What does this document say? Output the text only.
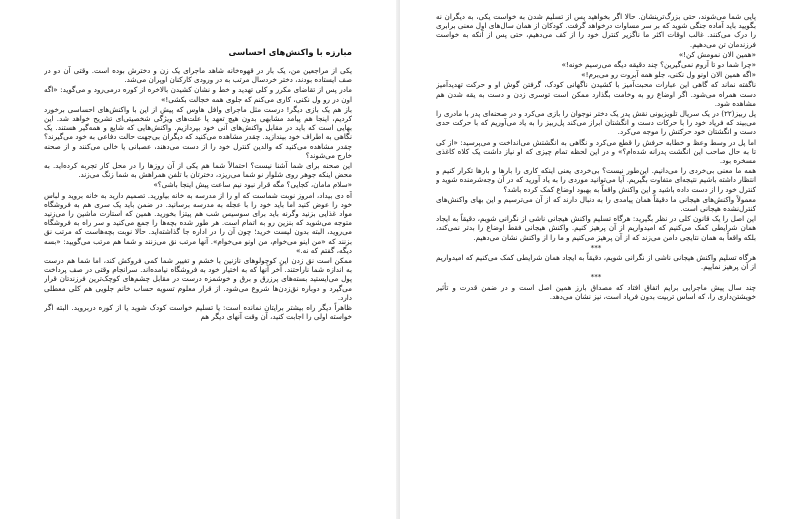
مبارزه با واکنش‌های احساسی

یکی از مراجعین من، یک بار در قهوه‌خانه شاهد ماجرای یک زن و دخترش بوده است. وقتی آن دو در صف ایستاده بودند، دختر خردسال مرتب به در ورودی کارکنان اوپران می‌شد.

مادر پس از تقاضای مکرر و کلی تهدید و خط و نشان کشیدن بالاخره از کوره درمی‌رود و می‌گوید: «اگه اون در رو ول نکنی، کاری می‌کنم که جلوی همه خجالت بکشی!»

باز هم یک بازی دیگر! درست مثل ماجرای وافل هاوس که پیش از این با واکنش‌های احساسی برخورد کردیم، اینجا هم پیامد مشابهی بدون هیچ تعهد یا علت‌های ویژگی شخصیتی‌ای تشریح خواهد شد. این بهایی است که باید در مقابل واکنش‌های آنی خود بپردازیم. واکنش‌هایی که شایع و همه‌گیر هستند. یک نگاهی به اطراف خود بیندازید. چقدر مشاهده می‌کنید که دیگران بی‌جهت حالت دفاعی به خود می‌گیرند؟ چقدر مشاهده می‌کنید که والدین کنترل خود را از دست می‌دهند، عصبانی یا خالی می‌کنند و از صحنه خارج می‌شوند؟

این صحنه برای شما آشنا نیست؟ احتمالاً شما هم یکی از آن روزها را در محل کار تجربه کرده‌اید. به محض اینکه جوهر روی شلوار نو شما می‌ریزد، دخترتان با تلفن همراهش به شما زنگ می‌زند.

«سلام مامان، کجایی؟ مگه قرار نبود نیم ساعت پیش اینجا باشی؟»

آه دی بیداد، امروز نوبت شماست که او را از مدرسه به خانه بیاورید. تصمیم دارید به خانه بروید و لباس خود را عوض کنید اما باید خود را با عجله به مدرسه برسانید. در ضمن باید یک سری هم به فروشگاه مواد غذایی بزنید وگرنه باید برای سوسیس شب هم پیتزا بخورید. همین که استارت ماشین را می‌زنید متوجه می‌شوید که بنزین رو به اتمام است. هر طور شده بچه‌ها را جمع می‌کنید و سر راه به فروشگاه می‌روید، البته بدون لیست خرید؛ چون آن را در اداره جا گذاشته‌اید. حالا نوبت بچه‌هاست که مرتب نق بزنند که «من اینو می‌خوام، من اونو می‌خوام». آنها مرتب نق می‌زنند و شما هم مرتب می‌گویید: «بسه دیگه، گفتم که نه.»

ممکن است نق زدن این کوچولوهای نازنین با خشم و تغییر شما کمی فروکش کند، اما شما هم درست به اندازه شما ناراحتند. آخر آنها که به اختیار خود به فروشگاه نیامده‌اند. سرانجام وقتی در صف پرداخت پول می‌ایستید بسته‌های پرزرق و برق و خوشمزه درست در مقابل چشم‌های کوچک‌ترین فرزندتان قرار می‌گیرد و دوباره نق‌زدن‌ها شروع می‌شود. از قرار معلوم تسویه حساب خانم جلویی هم کلی معطلی دارد.

ظاهراً دیگر راه بیشتر برایتان نمانده است: یا تسلیم خواست کودک شوید یا از کوره دربروید. البته اگر خواسته اولی را اجابت کنید، آن وقت آنهای دیگر هم

پایی شما می‌شوند، حتی بزرگ‌ترینشان. حالا اگر بخواهید پس از تسلیم شدن به خواست یکی، به دیگران نه بگویید باید آماده جنگی شوید که بر سر مساوات درخواهد گرفت. کودکان از همان سال‌های اول معنی برابری را درک می‌کنند. غالب اوقات اکثر ما ناگزیر کنترل خود را از کف می‌دهیم، حتی پس از آنکه به خواست فرزندمان تن می‌دهیم.

«همین الان نمومش کن!»

«چرا شما دو تا آروم نمی‌گیرین؟ چند دقیقه دیگه می‌رسیم خونه!»

«اگه همین الان اونو ول نکنی، جلو همه آبروت رو می‌برم!»

ناگفته نماند که گاهی این عبارات محبت‌آمیز با کشیدن ناگهانی کودک، گرفتن گوش او و حرکت تهدیدآمیز دست همراه می‌شود. اگر اوضاع رو به وخامت بگذارد ممکن است توسری زدن و دست به یقه شدن هم مشاهده شود.

پل ربیز(۲۲) در یک سریال تلویزیونی نقش پدر یک دختر نوجوان را بازی می‌کرد و در صحنه‌ای پدر با مادری را می‌بیند که فریاد خود را با حرکات دست و انگشتان ابراز می‌کند پل‌ربیز را به یاد می‌آوریم که با حرکت حدی دست و انگشتان خود حرکتش را موجه می‌کرد.

اما پل در وسط وعظ و خطابه حرفش را قطع می‌کرد و نگاهی به انگشتش می‌انداخت و می‌پرسید: «از کی تا به حال صاحب این انگشت پدرانه شده‌ام؟» و در این لحظه تمام چیزی که او نیاز داشت یک کلاه کاغذی مسخره بود.

همه ما معنی بی‌خردی را می‌دانیم. این‌طور نیست؟ بی‌خردی یعنی اینکه کاری را بارها و بارها تکرار کنیم و انتظار داشته باشیم نتیجه‌ای متفاوت بگیریم. آیا می‌توانید موردی را به یاد آورید که در آن وجه‌شرمنده شوید و کنترل خود را از دست داده باشید و این واکنش واقعاً به بهبود اوضاع کمک کرده باشد؟

معمولاً واکنش‌های هیجانی ما دقیقاً همان پیامدی را به دنبال دارند که از آن می‌ترسیم و این بهای واکنش‌های کنترل‌نشده هیجانی است.

این اصل را یک قانون کلی در نظر بگیرید: هرگاه تسلیم واکنش هیجانی ناشی از نگرانی شویم، دقیقاً به ایجاد همان شرایطی کمک می‌کنیم که امیدواریم از آن پرهیز کنیم. واکنش هیجانی فقط اوضاع را بدتر نمی‌کند، بلکه واقعاً به همان نتایجی دامن می‌زند که از آن پرهیز می‌کنیم و ما را از واکنش نشان می‌دهیم.

***

هرگاه تسلیم واکنش هیجانی ناشی از نگرانی شویم، دقیقاً به ایجاد همان شرایطی کمک می‌کنیم که امیدواریم از آن پرهیز نماییم.

***

چند سال پیش ماجرایی برایم اتفاق افتاد که مصداق بارز همین اصل است و در ضمن قدرت و تأثیر خویشتن‌داری را، که اساس تربیت بدون فریاد است، نیز نشان می‌دهد.
